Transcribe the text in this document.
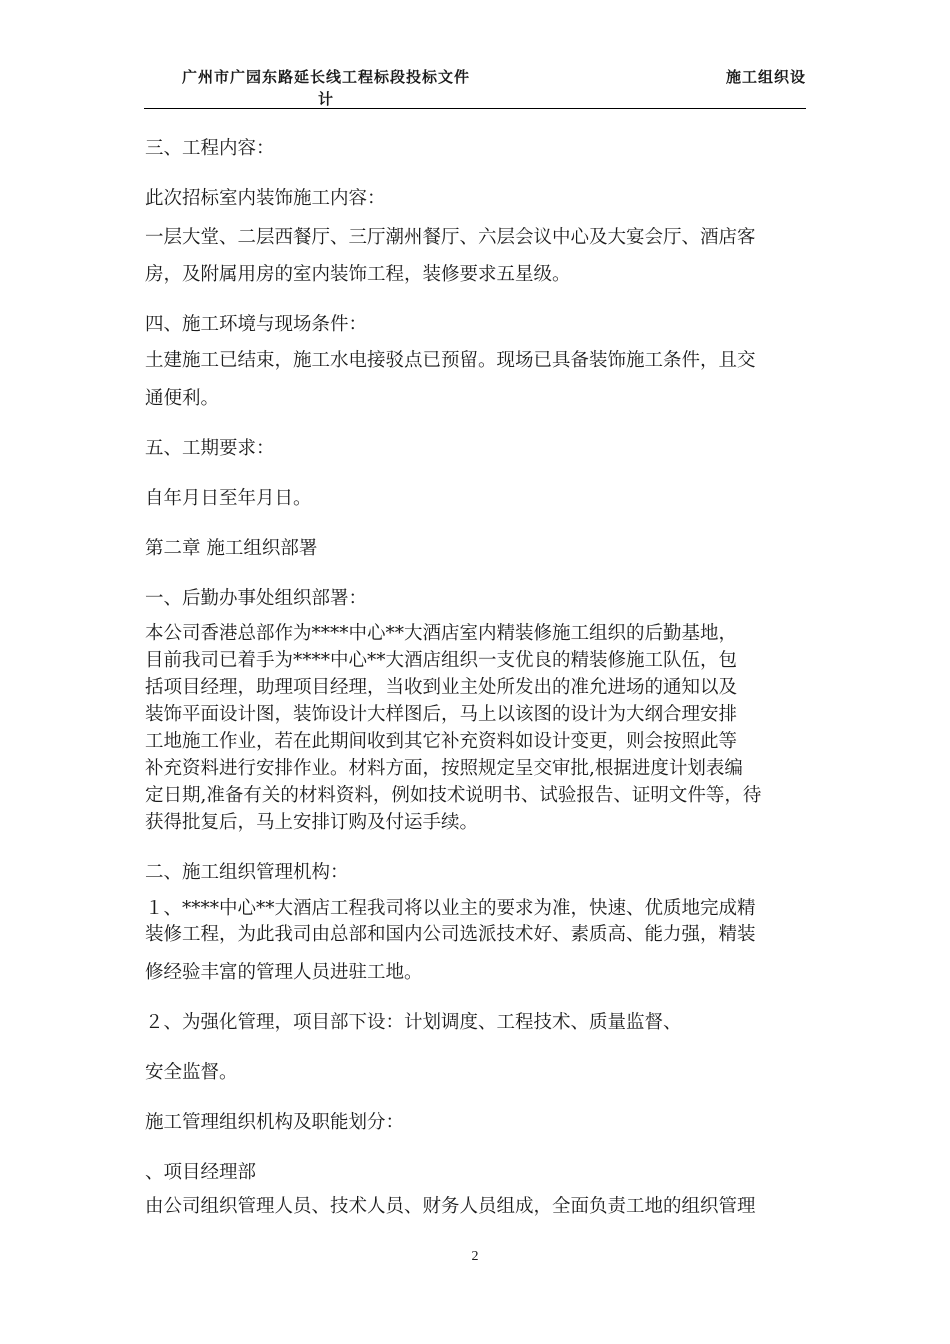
广州市广园东路延长线工程标段投标文件
计
施工组织设
三、工程内容：
此次招标室内装饰施工内容：
一层大堂、二层西餐厅、三厅潮州餐厅、六层会议中心及大宴会厅、酒店客
房，及附属用房的室内装饰工程，装修要求五星级。
四、施工环境与现场条件：
土建施工已结束，施工水电接驳点已预留。现场已具备装饰施工条件，且交
通便利。
五、工期要求：
自年月日至年月日。
第二章 施工组织部署
一、后勤办事处组织部署：
本公司香港总部作为****中心**大酒店室内精装修施工组织的后勤基地，
目前我司已着手为****中心**大酒店组织一支优良的精装修施工队伍，包
括项目经理，助理项目经理，当收到业主处所发出的准允进场的通知以及
装饰平面设计图，装饰设计大样图后，马上以该图的设计为大纲合理安排
工地施工作业，若在此期间收到其它补充资料如设计变更，则会按照此等
补充资料进行安排作业。材料方面，按照规定呈交审批,根据进度计划表编
定日期,准备有关的材料资料，例如技术说明书、试验报告、证明文件等，待
获得批复后，马上安排订购及付运手续。
二、施工组织管理机构：
１、****中心**大酒店工程我司将以业主的要求为准，快速、优质地完成精
装修工程，为此我司由总部和国内公司选派技术好、素质高、能力强，精装
修经验丰富的管理人员进驻工地。
２、为强化管理，项目部下设：计划调度、工程技术、质量监督、
安全监督。
施工管理组织机构及职能划分：
、项目经理部
由公司组织管理人员、技术人员、财务人员组成，全面负责工地的组织管理
2
